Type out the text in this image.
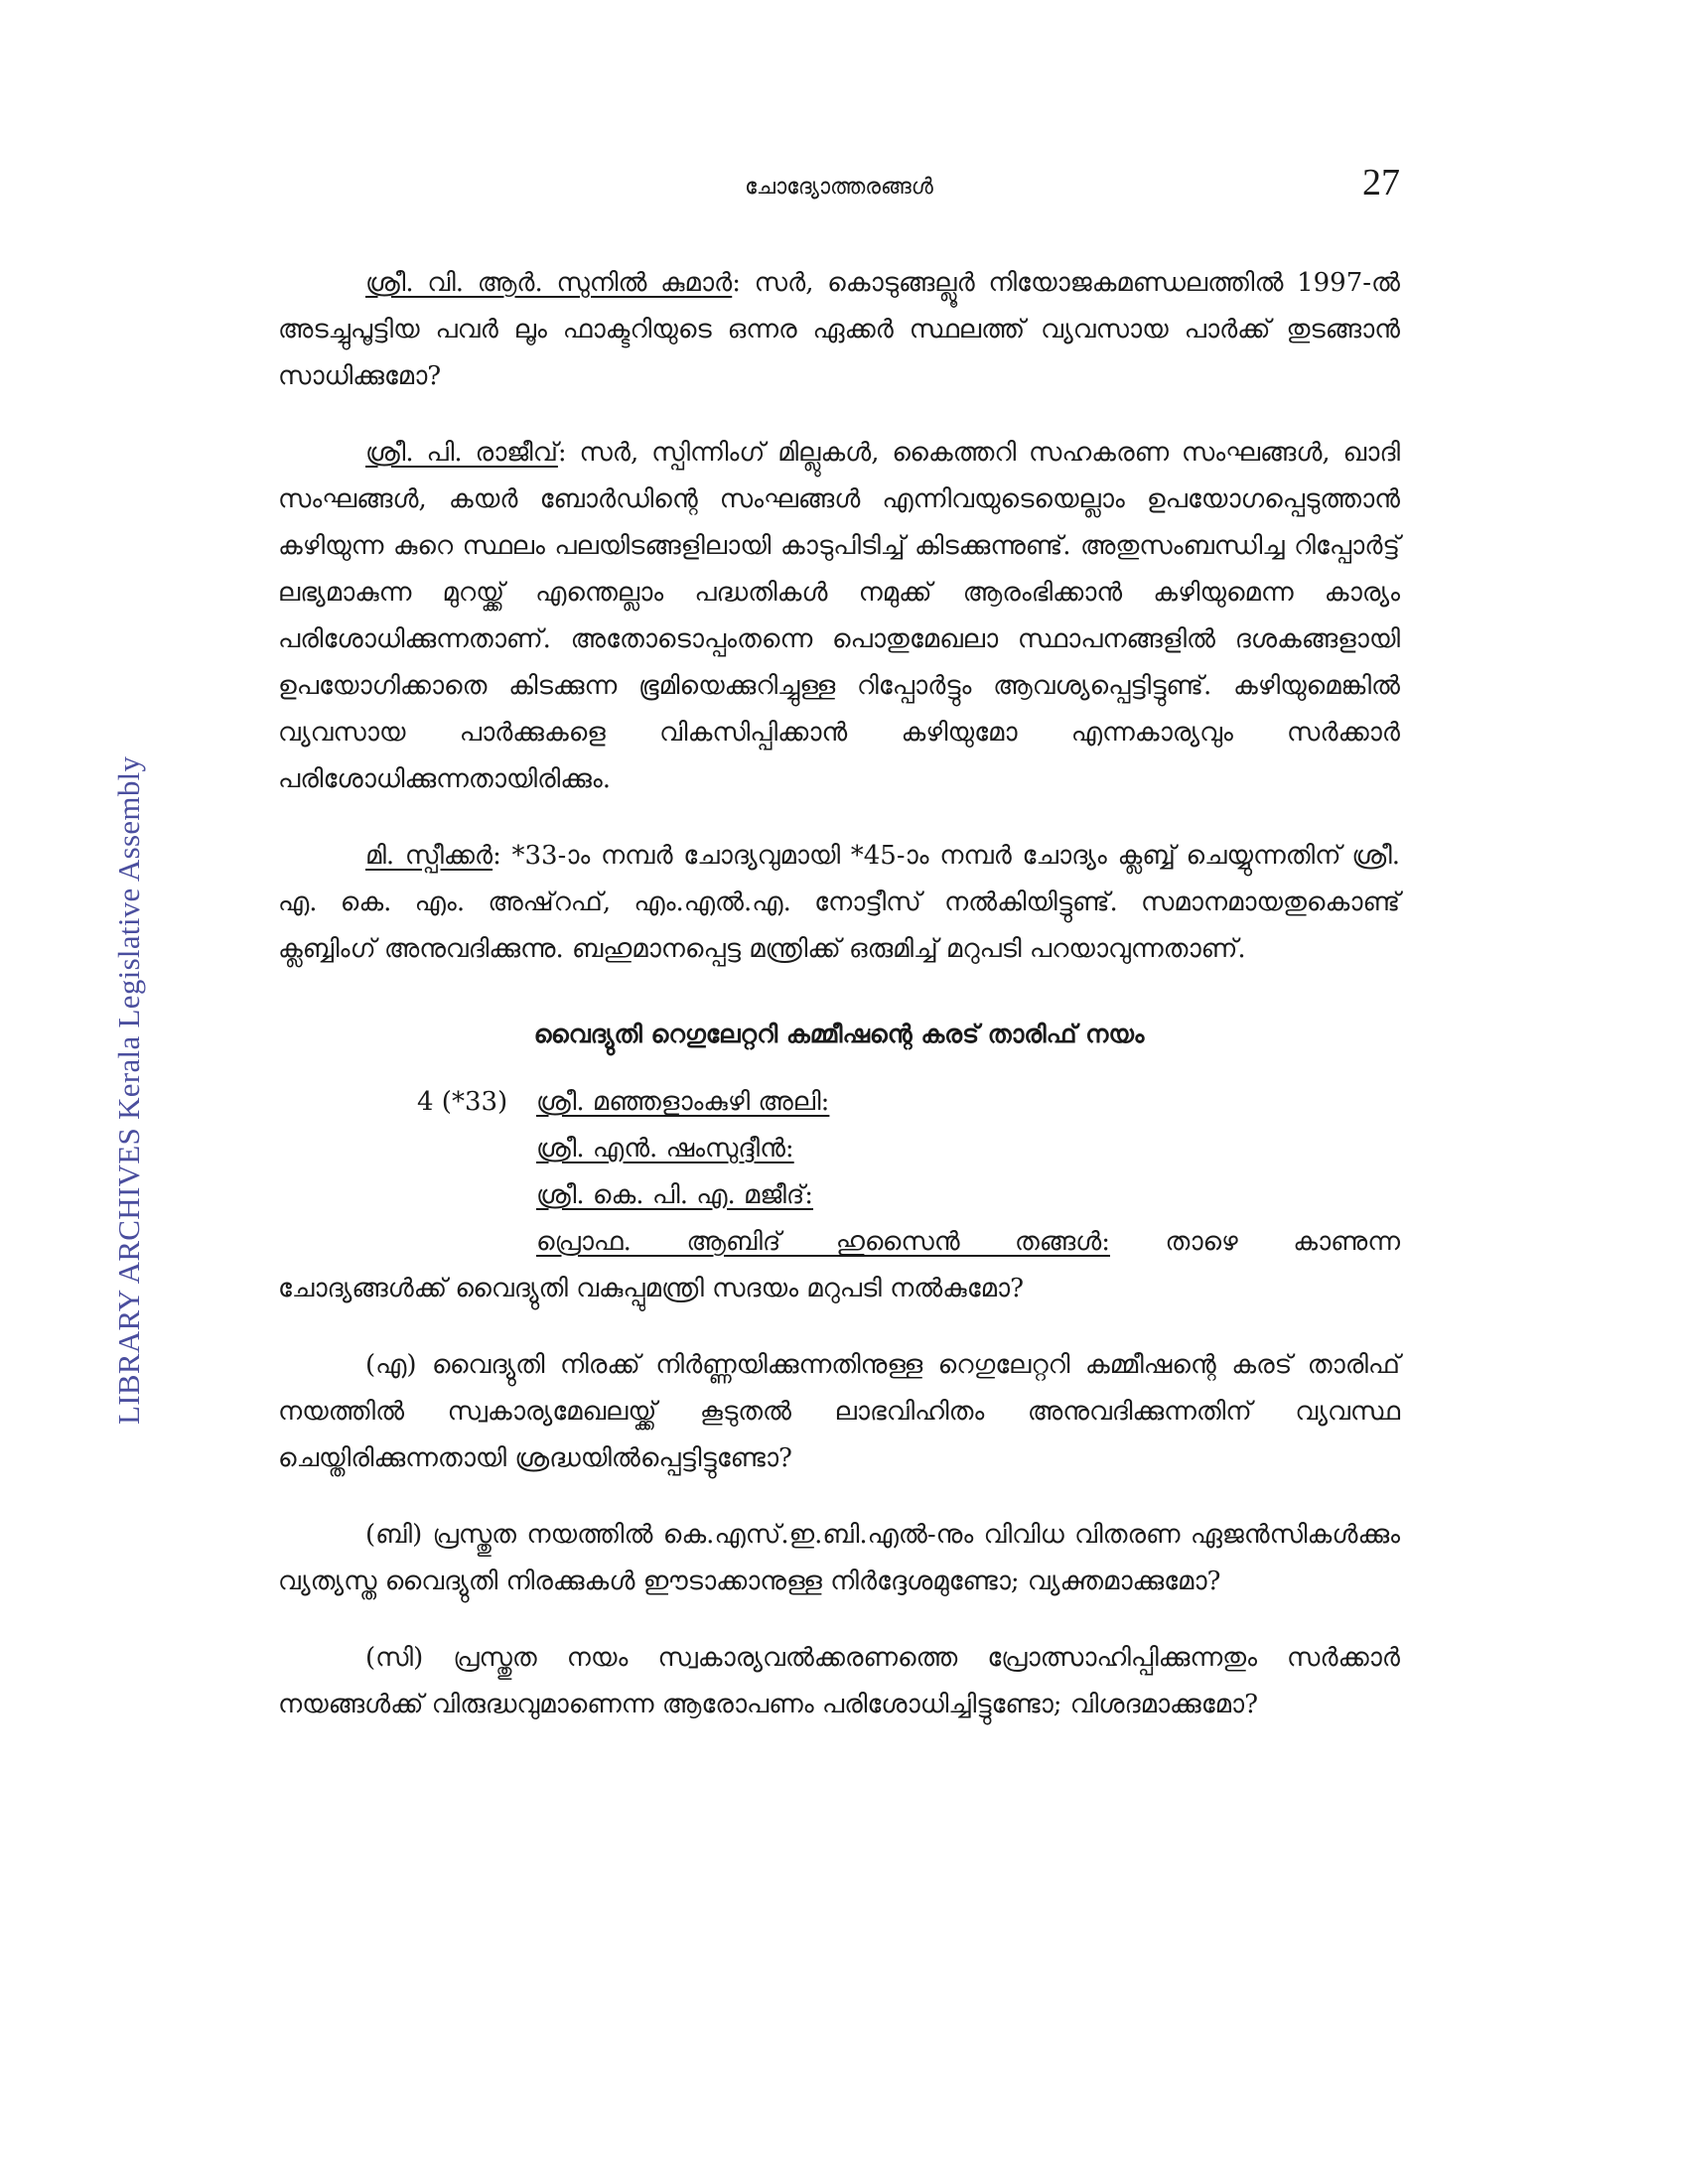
ചോദ്യോത്തരങ്ങൾ	27
LIBRARY ARCHIVES Kerala Legislative Assembly

ശ്രീ. വി. ആർ. സുനിൽ കുമാർ: സർ, കൊടുങ്ങല്ലൂർ നിയോജകമണ്ഡലത്തിൽ 1997-ൽ അടച്ചുപൂട്ടിയ പവർ ലൂം ഫാക്ടറിയുടെ ഒന്നര ഏക്കർ സ്ഥലത്ത് വ്യവസായ പാർക്ക് തുടങ്ങാൻ സാധിക്കുമോ?

ശ്രീ. പി. രാജീവ്: സർ, സ്പിന്നിംഗ് മില്ലുകൾ, കൈത്തറി സഹകരണ സംഘങ്ങൾ, ഖാദി സംഘങ്ങൾ, കയർ ബോർഡിന്റെ സംഘങ്ങൾ എന്നിവയുടെയെല്ലാം ഉപയോഗപ്പെടുത്താൻ കഴിയുന്ന കുറെ സ്ഥലം പലയിടങ്ങളിലായി കാടുപിടിച്ച് കിടക്കുന്നുണ്ട്. അതുസംബന്ധിച്ച റിപ്പോർട്ട് ലഭ്യമാകുന്ന മുറയ്ക്ക് എന്തെല്ലാം പദ്ധതികൾ നമുക്ക് ആരംഭിക്കാൻ കഴിയുമെന്ന കാര്യം പരിശോധിക്കുന്നതാണ്. അതോടൊപ്പംതന്നെ പൊതുമേഖലാ സ്ഥാപനങ്ങളിൽ ദശകങ്ങളായി ഉപയോഗിക്കാതെ കിടക്കുന്ന ഭൂമിയെക്കുറിച്ചുള്ള റിപ്പോർട്ടും ആവശ്യപ്പെട്ടിട്ടുണ്ട്. കഴിയുമെങ്കിൽ വ്യവസായ പാർക്കുകളെ വികസിപ്പിക്കാൻ കഴിയുമോ എന്നകാര്യവും സർക്കാർ പരിശോധിക്കുന്നതായിരിക്കും.

മി. സ്പീക്കർ: *33-ാം നമ്പർ ചോദ്യവുമായി *45-ാം നമ്പർ ചോദ്യം ക്ലബ്ബ് ചെയ്യുന്നതിന് ശ്രീ. എ. കെ. എം. അഷ്‌റഫ്, എം.എൽ.എ. നോട്ടീസ് നൽകിയിട്ടുണ്ട്. സമാനമായതുകൊണ്ട് ക്ലബ്ബിംഗ് അനുവദിക്കുന്നു. ബഹുമാനപ്പെട്ട മന്ത്രിക്ക് ഒരുമിച്ച് മറുപടി പറയാവുന്നതാണ്.

വൈദ്യുതി റെഗുലേറ്ററി കമ്മീഷന്റെ കരട് താരിഫ് നയം
4 (*33) ശ്രീ. മഞ്ഞളാംകുഴി അലി:
ശ്രീ. എൻ. ഷംസുദ്ദീൻ:
ശ്രീ. കെ. പി. എ. മജീദ്:
പ്രൊഫ. ആബിദ് ഹുസൈൻ തങ്ങൾ: താഴെ കാണുന്ന
ചോദ്യങ്ങൾക്ക് വൈദ്യുതി വകുപ്പുമന്ത്രി സദയം മറുപടി നൽകുമോ?

(എ) വൈദ്യുതി നിരക്ക് നിർണ്ണയിക്കുന്നതിനുള്ള റെഗുലേറ്ററി കമ്മീഷന്റെ കരട് താരിഫ് നയത്തിൽ സ്വകാര്യമേഖലയ്ക്ക് കൂടുതൽ ലാഭവിഹിതം അനുവദിക്കുന്നതിന് വ്യവസ്ഥ ചെയ്തിരിക്കുന്നതായി ശ്രദ്ധയിൽപ്പെട്ടിട്ടുണ്ടോ?

(ബി) പ്രസ്തുത നയത്തിൽ കെ.എസ്.ഇ.ബി.എൽ-നും വിവിധ വിതരണ ഏജൻസികൾക്കും വ്യത്യസ്ത വൈദ്യുതി നിരക്കുകൾ ഈടാക്കാനുള്ള നിർദ്ദേശമുണ്ടോ; വ്യക്തമാക്കുമോ?

(സി) പ്രസ്തുത നയം സ്വകാര്യവൽക്കരണത്തെ പ്രോത്സാഹിപ്പിക്കുന്നതും സർക്കാർ നയങ്ങൾക്ക് വിരുദ്ധവുമാണെന്ന ആരോപണം പരിശോധിച്ചിട്ടുണ്ടോ; വിശദമാക്കുമോ?
